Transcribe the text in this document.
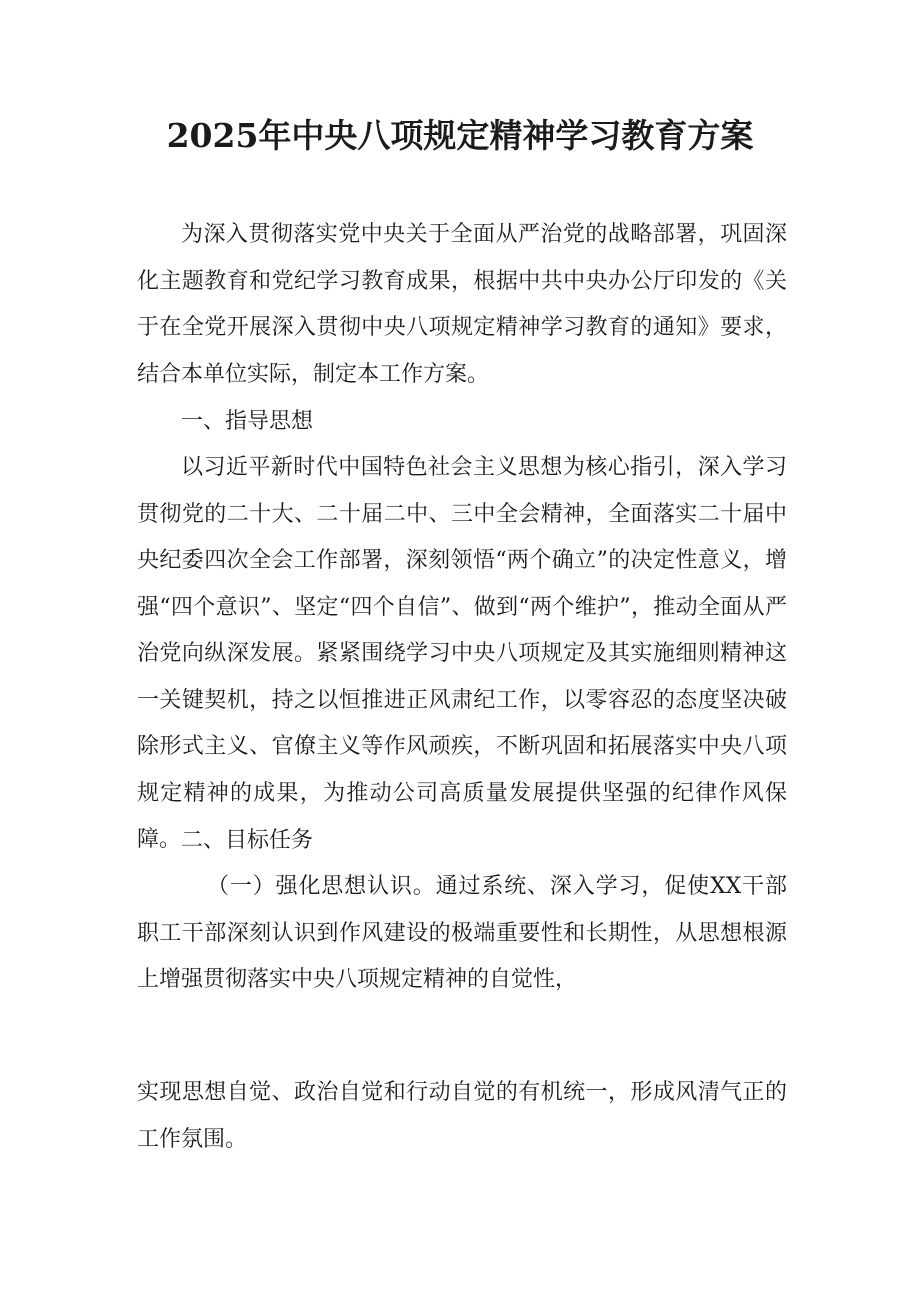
2025年中央八项规定精神学习教育方案

为深入贯彻落实党中央关于全面从严治党的战略部署，巩固深化主题教育和党纪学习教育成果，根据中共中央办公厅印发的《关于在全党开展深入贯彻中央八项规定精神学习教育的通知》要求，结合本单位实际，制定本工作方案。

一、指导思想

以习近平新时代中国特色社会主义思想为核心指引，深入学习贯彻党的二十大、二十届二中、三中全会精神，全面落实二十届中央纪委四次全会工作部署，深刻领悟“两个确立”的决定性意义，增强“四个意识”、坚定“四个自信”、做到“两个维护”，推动全面从严治党向纵深发展。紧紧围绕学习中央八项规定及其实施细则精神这一关键契机，持之以恒推进正风肃纪工作，以零容忍的态度坚决破除形式主义、官僚主义等作风顽疾，不断巩固和拓展落实中央八项规定精神的成果，为推动公司高质量发展提供坚强的纪律作风保障。 二、目标任务

（一）强化思想认识。通过系统、深入学习，促使XX干部职工干部深刻认识到作风建设的极端重要性和长期性，从思想根源上增强贯彻落实中央八项规定精神的自觉性，

实现思想自觉、政治自觉和行动自觉的有机统一，形成风清气正的工作氛围。
